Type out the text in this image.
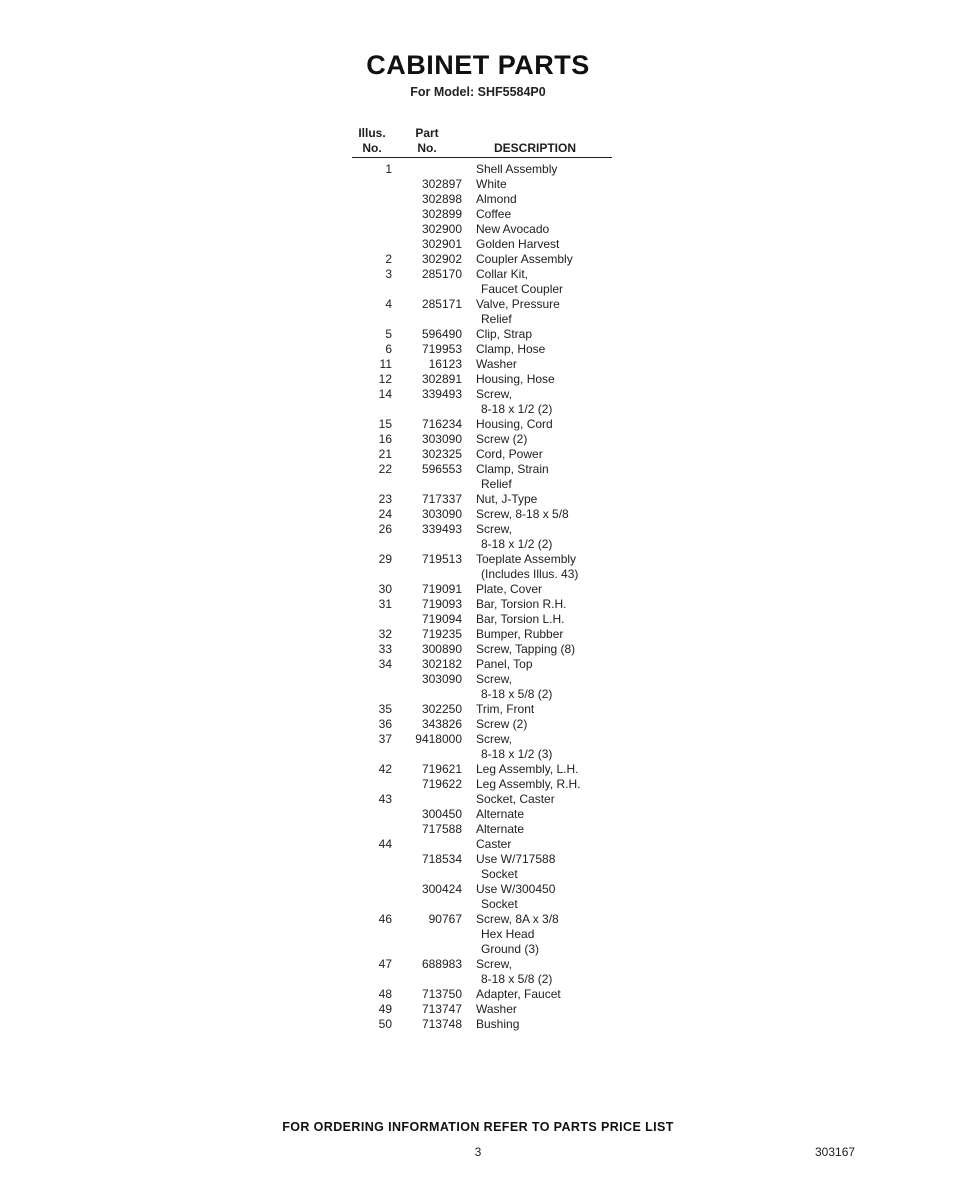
CABINET PARTS
For Model: SHF5584P0
Illus.	Part
No.	No.	DESCRIPTION
1	Shell Assembly
302897 White
302898 Almond
302899 Coffee
302900 New Avocado
302901 Golden Harvest
2	302902 Coupler Assembly
3	285170 Collar Kit,
Faucet Coupler
4	285171 Valve, Pressure
Relief
5	596490 Clip, Strap
6	719953 Clamp, Hose
11	16123 Washer
12	302891 Housing, Hose
14	339493 Screw,
8-18 x 1/2 (2)
15	716234 Housing, Cord
16	303090 Screw (2)
21	302325 Cord, Power
22	596553 Clamp, Strain
Relief
23	717337 Nut, J-Type
24	303090 Screw, 8-18 x 5/8
26	339493 Screw,
8-18 x 1/2 (2)
29	719513 Toeplate Assembly
(Includes Illus. 43)
30	719091 Plate, Cover
31	719093 Bar, Torsion R.H.
719094 Bar, Torsion L.H.
32	719235 Bumper, Rubber
33	300890 Screw, Tapping (8)
34	302182 Panel, Top
303090 Screw,
8-18 x 5/8 (2)
35	302250 Trim, Front
36	343826 Screw (2)
37	9418000 Screw,
8-18 x 1/2 (3)
42	719621 Leg Assembly, L.H.
719622 Leg Assembly, R.H.
43	Socket, Caster
300450 Alternate
717588 Alternate
44	Caster
718534 Use W/717588
Socket
300424 Use W/300450
Socket
46	90767 Screw, 8A x 3/8
Hex Head
Ground (3)
47	688983 Screw,
8-18 x 5/8 (2)
48	713750 Adapter, Faucet
49	713747 Washer
50	713748 Bushing
FOR ORDERING INFORMATION REFER TO PARTS PRICE LIST
3	303167
